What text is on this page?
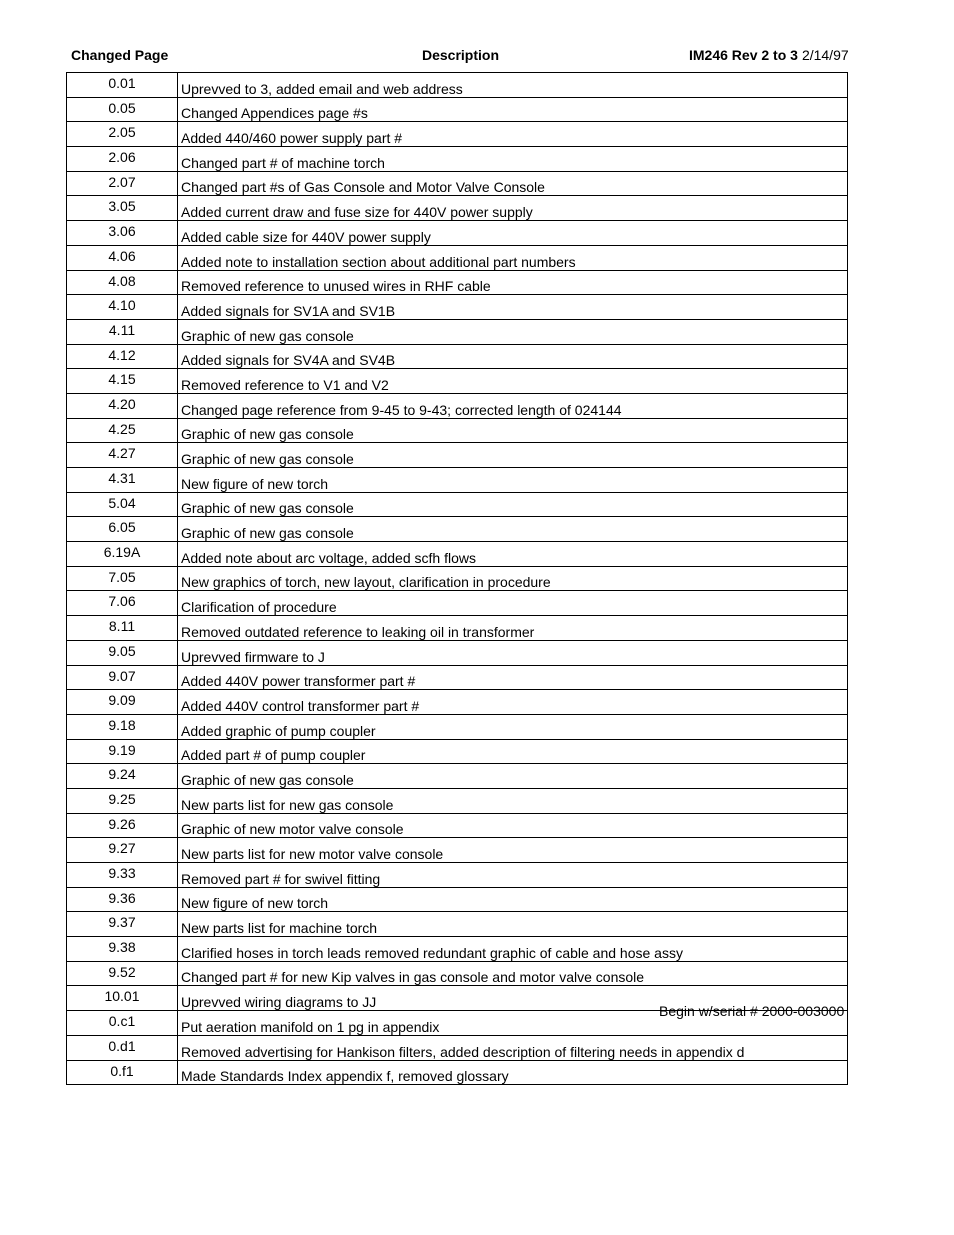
Changed Page	Description	IM246 Rev 2 to 3 2/14/97
0.01	Uprevved to 3, added email and web address
0.05	Changed Appendices page #s
2.05	Added 440/460 power supply part #
2.06	Changed part # of machine torch
2.07	Changed part #s of Gas Console and Motor Valve Console
3.05	Added current draw and fuse size for 440V power supply
3.06	Added cable size for 440V power supply
4.06	Added note to installation section about additional part numbers
4.08	Removed reference to unused wires in RHF cable
4.10	Added signals for SV1A and SV1B
4.11	Graphic of new gas console
4.12	Added signals for SV4A and SV4B
4.15	Removed reference to V1 and V2
4.20	Changed page reference from 9-45 to 9-43; corrected length of 024144
4.25	Graphic of new gas console
4.27	Graphic of new gas console
4.31	New figure of new torch
5.04	Graphic of new gas console
6.05	Graphic of new gas console
6.19A	Added note about arc voltage, added scfh flows
7.05	New graphics of torch, new layout, clarification in procedure
7.06	Clarification of procedure
8.11	Removed outdated reference to leaking oil in transformer
9.05	Uprevved firmware to J
9.07	Added 440V power transformer part #
9.09	Added 440V control transformer part #
9.18	Added graphic of pump coupler
9.19	Added part # of pump coupler
9.24	Graphic of new gas console
9.25	New parts list for new gas console
9.26	Graphic of new motor valve console
9.27	New parts list for new motor valve console
9.33	Removed part # for swivel fitting
9.36	New figure of new torch
9.37	New parts list for machine torch
9.38	Clarified hoses in torch leads removed redundant graphic of cable and hose assy
9.52	Changed part # for new Kip valves in gas console and motor valve console
10.01	Uprevved wiring diagrams to JJ
0.c1	Put aeration manifold on 1 pg in appendix
0.d1	Removed advertising for Hankison filters, added description of filtering needs in appendix d
0.f1	Made Standards Index appendix f, removed glossary
Begin w/serial # 2000-003000
